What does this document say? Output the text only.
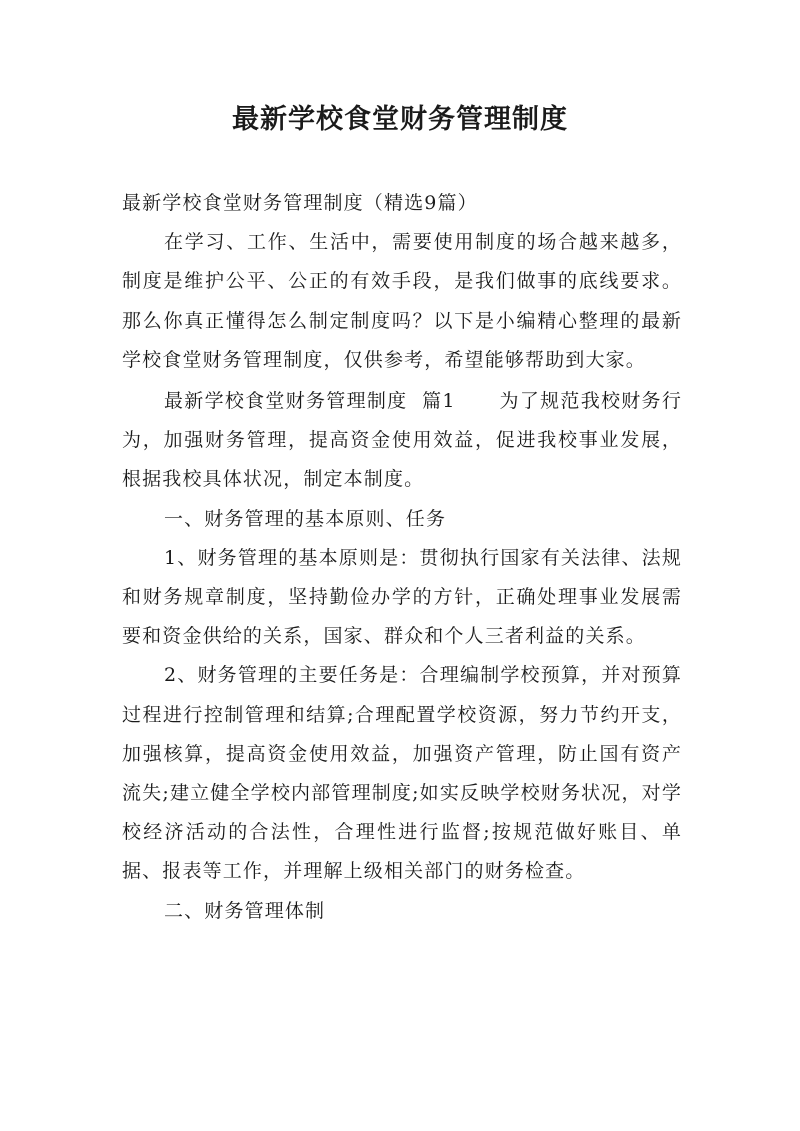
最新学校食堂财务管理制度

最新学校食堂财务管理制度（精选9篇）

在学习、工作、生活中，需要使用制度的场合越来越多，制度是维护公平、公正的有效手段，是我们做事的底线要求。那么你真正懂得怎么制定制度吗？以下是小编精心整理的最新学校食堂财务管理制度，仅供参考，希望能够帮助到大家。

最新学校食堂财务管理制度  篇1      为了规范我校财务行为，加强财务管理，提高资金使用效益，促进我校事业发展，根据我校具体状况，制定本制度。

一、财务管理的基本原则、任务

1、财务管理的基本原则是：贯彻执行国家有关法律、法规和财务规章制度，坚持勤俭办学的方针，正确处理事业发展需要和资金供给的关系，国家、群众和个人三者利益的关系。

2、财务管理的主要任务是：合理编制学校预算，并对预算过程进行控制管理和结算;合理配置学校资源，努力节约开支，加强核算，提高资金使用效益，加强资产管理，防止国有资产流失;建立健全学校内部管理制度;如实反映学校财务状况，对学校经济活动的合法性，合理性进行监督;按规范做好账目、单据、报表等工作，并理解上级相关部门的财务检查。

二、财务管理体制
